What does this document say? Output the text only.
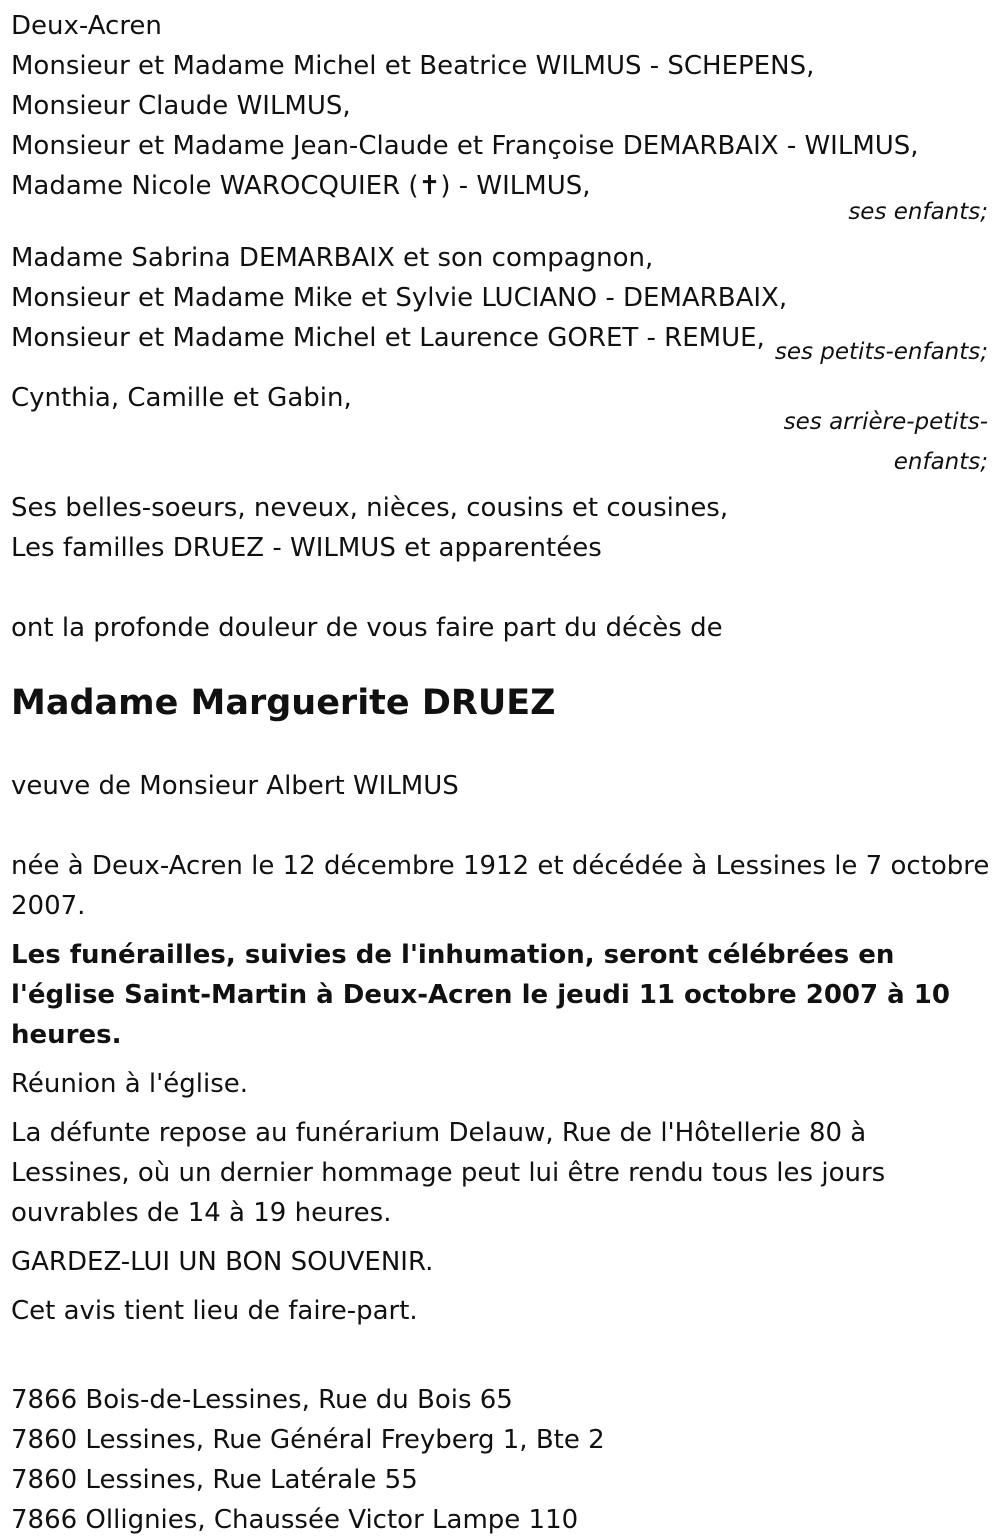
Deux-Acren
Monsieur et Madame Michel et Beatrice WILMUS - SCHEPENS,
Monsieur Claude WILMUS,
Monsieur et Madame Jean-Claude et Françoise DEMARBAIX - WILMUS,
Madame Nicole WAROCQUIER (✝) - WILMUS,
ses enfants;
Madame Sabrina DEMARBAIX et son compagnon,
Monsieur et Madame Mike et Sylvie LUCIANO - DEMARBAIX,
Monsieur et Madame Michel et Laurence GORET - REMUE, ses petits-enfants;
Cynthia, Camille et Gabin,
ses arrière-petits-enfants;
Ses belles-soeurs, neveux, nièces, cousins et cousines,
Les familles DRUEZ - WILMUS et apparentées
ont la profonde douleur de vous faire part du décès de
Madame Marguerite DRUEZ
veuve de Monsieur Albert WILMUS
née à Deux-Acren le 12 décembre 1912 et décédée à Lessines le 7 octobre 2007.
Les funérailles, suivies de l'inhumation, seront célébrées en l'église Saint-Martin à Deux-Acren le jeudi 11 octobre 2007 à 10 heures.
Réunion à l'église.
La défunte repose au funérarium Delauw, Rue de l'Hôtellerie 80 à Lessines, où un dernier hommage peut lui être rendu tous les jours ouvrables de 14 à 19 heures.
GARDEZ-LUI UN BON SOUVENIR.
Cet avis tient lieu de faire-part.
7866 Bois-de-Lessines, Rue du Bois 65
7860 Lessines, Rue Général Freyberg 1, Bte 2
7860 Lessines, Rue Latérale 55
7866 Ollignies, Chaussée Victor Lampe 110
